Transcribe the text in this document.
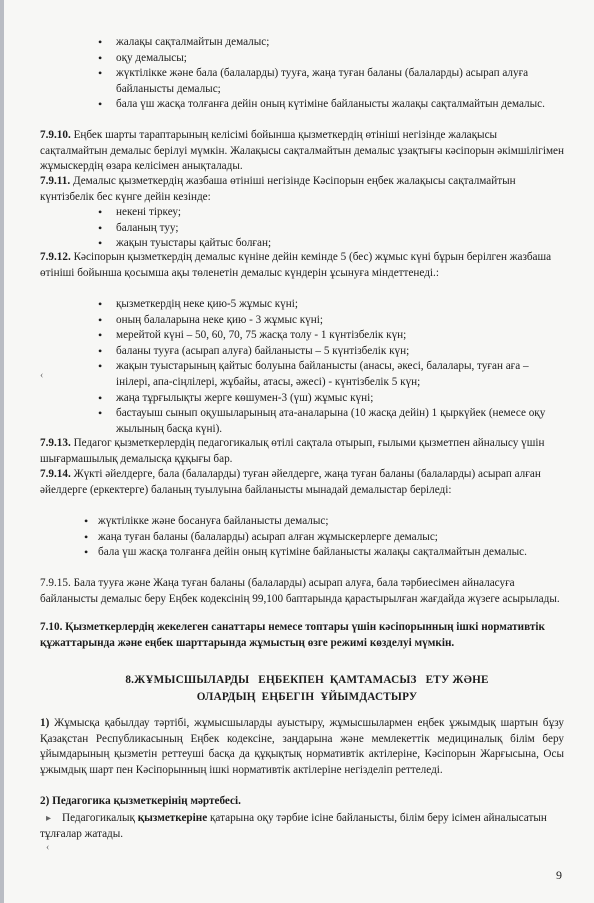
• жалақы сақталмайтын демалыс;
• оқу демалысы;
• жүктілікке және бала (балаларды) тууға, жаңа туған баланы (балаларды) асырап алуға байланысты демалыс;
• бала үш жасқа толғанға дейін оның күтіміне байланысты жалақы сақталмайтын демалыс.
7.9.10. Еңбек шарты тараптарының келісімі бойынша қызметкердің өтініші негізінде жалақысы сақталмайтын демалыс берілуі мүмкін. Жалақысы сақталмайтын демалыс ұзақтығы кәсіпорын әкімшілігімен жұмыскердің өзара келісімен анықталады.
7.9.11. Демалыс қызметкердің жазбаша өтініші негізінде Кәсіпорын еңбек жалақысы сақталмайтын күнтізбелік бес күнге дейін кезінде:
• некені тіркеу;
• баланың туу;
• жақын туыстары қайтыс болған;
7.9.12. Кәсіпорын қызметкердің демалыс күніне дейін кемінде 5 (бес) жұмыс күні бұрын берілген жазбаша өтініші бойынша қосымша ақы төленетін демалыс күндерін ұсынуға міндеттенеді.:
• қызметкердің неке қию-5 жұмыс күні;
• оның балаларына неке қию - 3 жұмыс күні;
• мерейтой күні – 50, 60, 70, 75 жасқа толу - 1 күнтізбелік күн;
• баланы тууға (асырап алуға) байланысты – 5 күнтізбелік күн;
• жақын туыстарының қайтыс болуына байланысты (анасы, әкесі, балалары, туған аға – інілері, апа-сіңлілері, жұбайы, атасы, әжесі) - күнтізбелік 5 күн;
• жаңа тұрғылықты жерге көшумен-3 (үш) жұмыс күні;
• бастауыш сынып оқушыларының ата-аналарына (10 жасқа дейін) 1 қыркүйек (немесе оқу жылының басқа күні).
7.9.13. Педагог қызметкерлердің педагогикалық өтілі сақтала отырып, ғылыми қызметпен айналысу үшін шығармашылық демалысқа құқығы бар.
7.9.14. Жүкті әйелдерге, бала (балаларды) туған әйелдерге, жаңа туған баланы (балаларды) асырап алған әйелдерге (еркектерге) баланың туылуына байланысты мынадай демалыстар беріледі:
• жүктілікке және босануға байланысты демалыс;
• жаңа туған баланы (балаларды) асырап алған жұмыскерлерге демалыс;
• бала үш жасқа толғанға дейін оның күтіміне байланысты жалақы сақталмайтын демалыс.
7.9.15. Бала тууға және Жаңа туған баланы (балаларды) асырап алуға, бала тәрбиесімен айналасуға байланысты демалыс беру Еңбек кодексінің 99,100 баптарында қарастырылған жағдайда жүзеге асырылады.
7.10. Қызметкерлердің жекелеген санаттары немесе топтары үшін кәсіпорынның ішкі нормативтік құжаттарында және еңбек шарттарында жұмыстың өзге режимі көзделуі мүмкін.
8.ЖҰМЫСШЫЛАРДЫ   ЕҢБЕКПЕН  ҚАМТАМАСЫЗ   ЕТУ ЖӘНЕ
ОЛАРДЫҢ  ЕҢБЕГІН  ҰЙЫМДАСТЫРУ
1) Жұмысқа қабылдау тәртібі, жұмысшыларды ауыстыру, жұмысшылармен еңбек ұжымдық шартын бұзу Қазақстан Республикасының Еңбек кодексіне, заңдарына және мемлекеттік медициналық білім беру ұйымдарының қызметін реттеуші басқа да құқықтық нормативтік актілеріне, Кәсіпорын Жарғысына, Осы ұжымдық шарт пен Кәсіпорынның ішкі нормативтік актілеріне негізделіп реттеледі.
2) Педагогика қызметкерінің мәртебесі.
Педагогикалық қызметкеріне қатарына оқу тәрбие ісіне байланысты, білім беру ісімен айналысатын тұлғалар жатады.
‹
▸
‹
9
